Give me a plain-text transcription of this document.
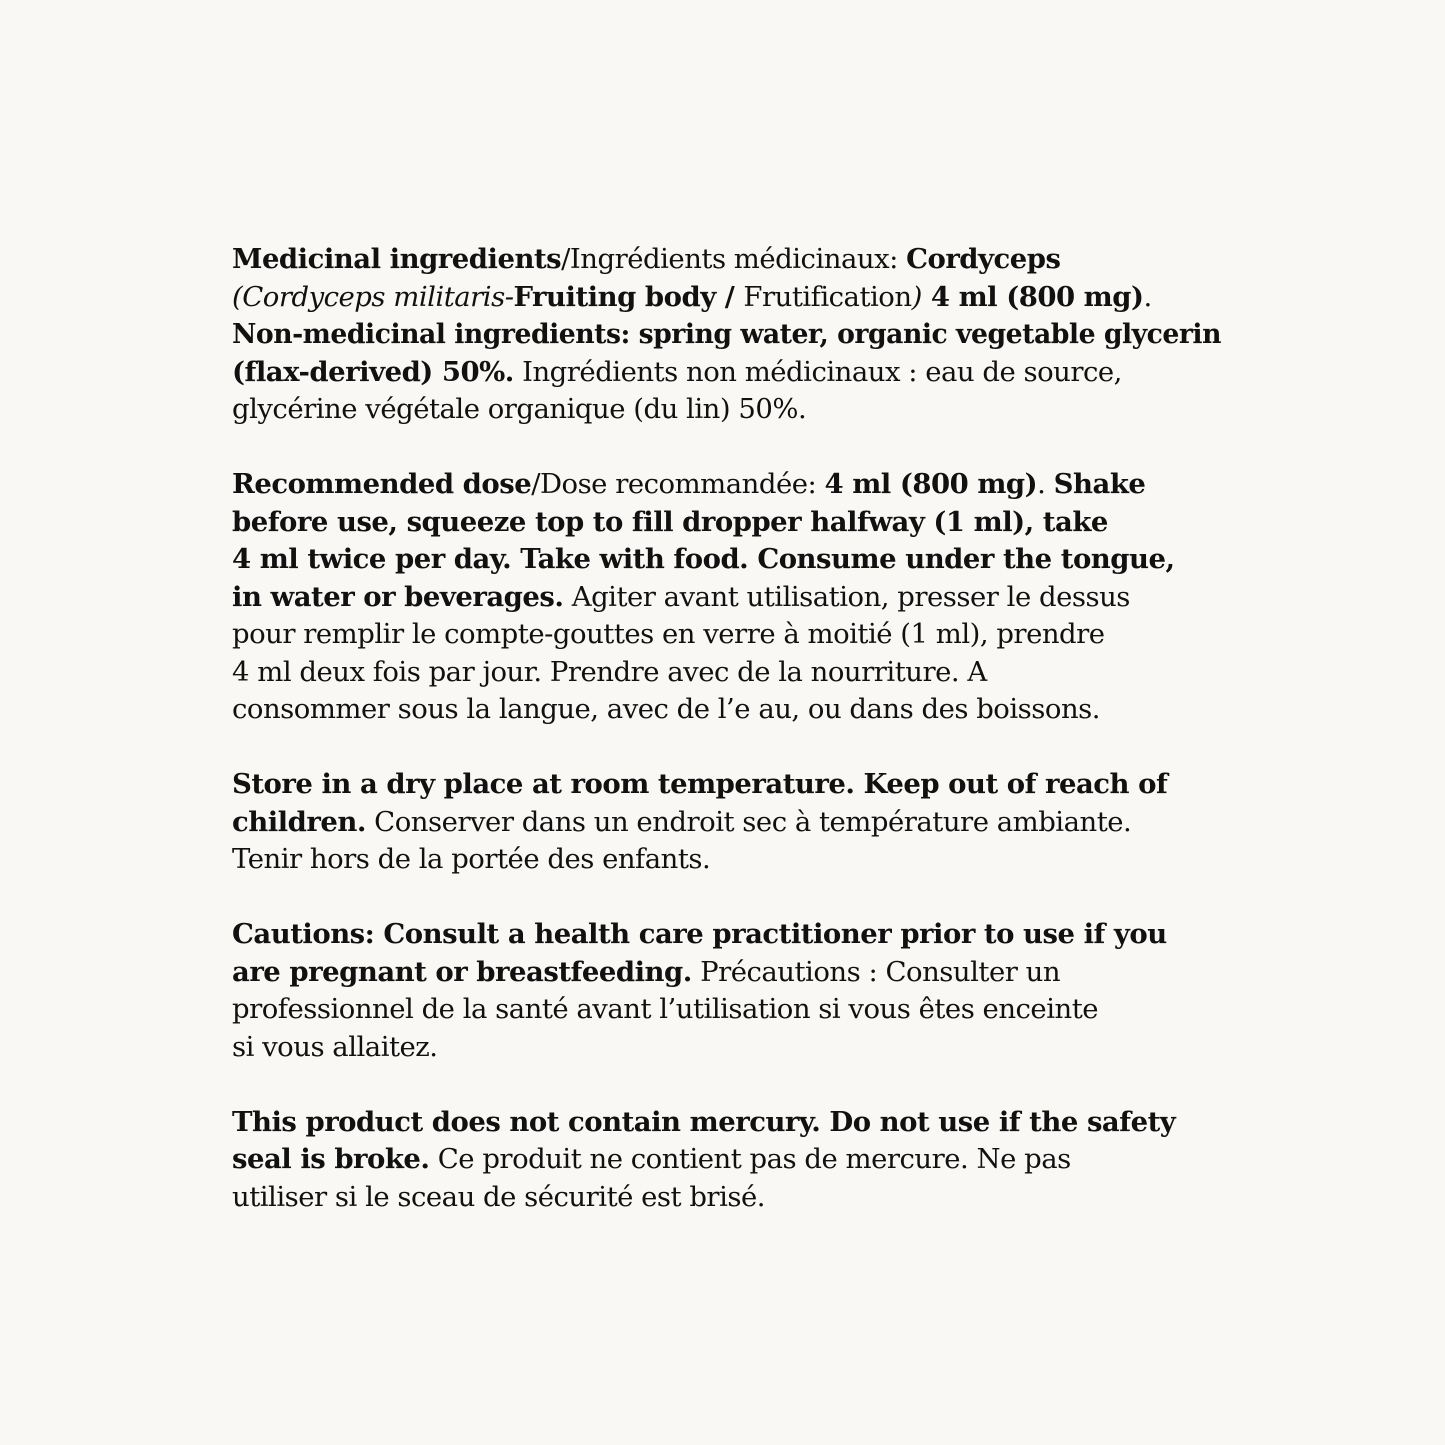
Medicinal ingredients/Ingrédients médicinaux: Cordyceps
(Cordyceps militaris-Fruiting body / Frutification) 4 ml (800 mg).
Non-medicinal ingredients: spring water, organic vegetable glycerin
(flax-derived) 50%. Ingrédients non médicinaux : eau de source,
glycérine végétale organique (du lin) 50%.

Recommended dose/Dose recommandée: 4 ml (800 mg). Shake
before use, squeeze top to fill dropper halfway (1 ml), take
4 ml twice per day. Take with food. Consume under the tongue,
in water or beverages. Agiter avant utilisation, presser le dessus
pour remplir le compte-gouttes en verre à moitié (1 ml), prendre
4 ml deux fois par jour. Prendre avec de la nourriture. A
consommer sous la langue, avec de l’e au, ou dans des boissons.

Store in a dry place at room temperature. Keep out of reach of
children. Conserver dans un endroit sec à température ambiante.
Tenir hors de la portée des enfants.

Cautions: Consult a health care practitioner prior to use if you
are pregnant or breastfeeding. Précautions : Consulter un
professionnel de la santé avant l’utilisation si vous êtes enceinte
si vous allaitez.

This product does not contain mercury. Do not use if the safety
seal is broke. Ce produit ne contient pas de mercure. Ne pas
utiliser si le sceau de sécurité est brisé.
